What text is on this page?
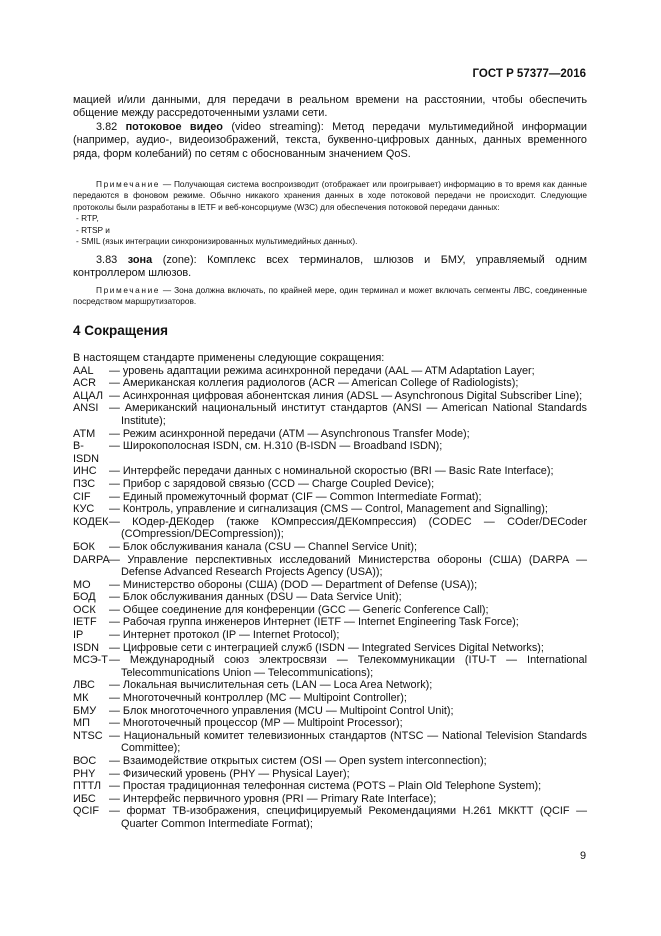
ГОСТ Р 57377—2016
мацией и/или данными, для передачи в реальном времени на расстоянии, чтобы обеспечить общение между рассредоточенными узлами сети.

3.82 потоковое видео (video streaming): Метод передачи мультимедийной информации (например, аудио-, видеоизображений, текста, буквенно-цифровых данных, данных временного ряда, форм колебаний) по сетям с обоснованным значением QoS.

Примечание — Получающая система воспроизводит (отображает или проигрывает) информацию в то время как данные передаются в фоновом режиме. Обычно никакого хранения данных в ходе потоковой передачи не происходит. Следующие протоколы были разработаны в IETF и веб-консорциуме (W3C) для обеспечения потоковой передачи данных:

- RTP,
- RTSP и
- SMIL (язык интеграции синхронизированных мультимедийных данных).

3.83 зона (zone): Комплекс всех терминалов, шлюзов и БМУ, управляемый одним контроллером шлюзов.

Примечание — Зона должна включать, по крайней мере, один терминал и может включать сегменты ЛВС, соединенные посредством маршрутизаторов.

4 Сокращения
В настоящем стандарте применены следующие сокращения:
AAL	— уровень адаптации режима асинхронной передачи (AAL — ATM Adaptation Layer;
ACR	— Американская коллегия радиологов (ACR — American College of Radiologists);
АЦАЛ — Асинхронная цифровая абонентская линия (ADSL — Asynchronous Digital Subscriber Line);
ANSI — Американский национальный институт стандартов (ANSI — American National Standards Institute);
ATM	— Режим асинхронной передачи (ATM — Asynchronous Transfer Mode);
B-ISDN
— Широкополосная ISDN, см. H.310 (B-ISDN — Broadband ISDN);
ИНС	— Интерфейс передачи данных с номинальной скоростью (BRI — Basic Rate Interface);
ПЗС	— Прибор с зарядовой связью (CCD — Charge Coupled Device);
CIF	— Единый промежуточный формат (CIF — Common Intermediate Format);
КУС	— Контроль, управление и сигнализация (CMS — Control, Management and Signalling);
КОДЕК — КОдер-ДЕКодер (также КОмпрессия/ДЕКомпрессия) (CODEC — COder/DECoder (COmpression/DECompression));
БОК	— Блок обслуживания канала (CSU — Channel Service Unit);
DARPA — Управление перспективных исследований Министерства обороны (США) (DARPA — Defense Advanced Research Projects Agency (USA));
МО	— Министерство обороны (США) (DOD — Department of Defense (USA));
БОД	— Блок обслуживания данных (DSU — Data Service Unit);
ОСК	— Общее соединение для конференции (GCC — Generic Conference Call);
IETF	— Рабочая группа инженеров Интернет (IETF — Internet Engineering Task Force);
IP	— Интернет протокол (IP — Internet Protocol);
ISDN — Цифровые сети с интеграцией служб (ISDN — Integrated Services Digital Networks);
МСЭ-Т — Международный союз электросвязи — Телекоммуникации (ITU-T — International Telecommunications Union — Telecommunications);
ЛВС	— Локальная вычислительная сеть (LAN — Loca Area Network);
МК	— Многоточечный контроллер (MC — Multipoint Controller);
БМУ	— Блок многоточечного управления (MCU — Multipoint Control Unit);
МП	— Многоточечный процессор (MP — Multipoint Processor);
NTSC — Национальный комитет телевизионных стандартов (NTSC — National Television Standards Committee);
ВОС	— Взаимодействие открытых систем (OSI — Open system interconnection);
PHY	— Физический уровень (PHY — Physical Layer);
ПТТЛ — Простая традиционная телефонная система (POTS – Plain Old Telephone System);
ИБС	— Интерфейс первичного уровня (PRI — Primary Rate Interface);
QCIF — формат ТВ-изображения, специфицируемый Рекомендациями H.261 МККТТ (QCIF — Quarter Common Intermediate Format);
9
